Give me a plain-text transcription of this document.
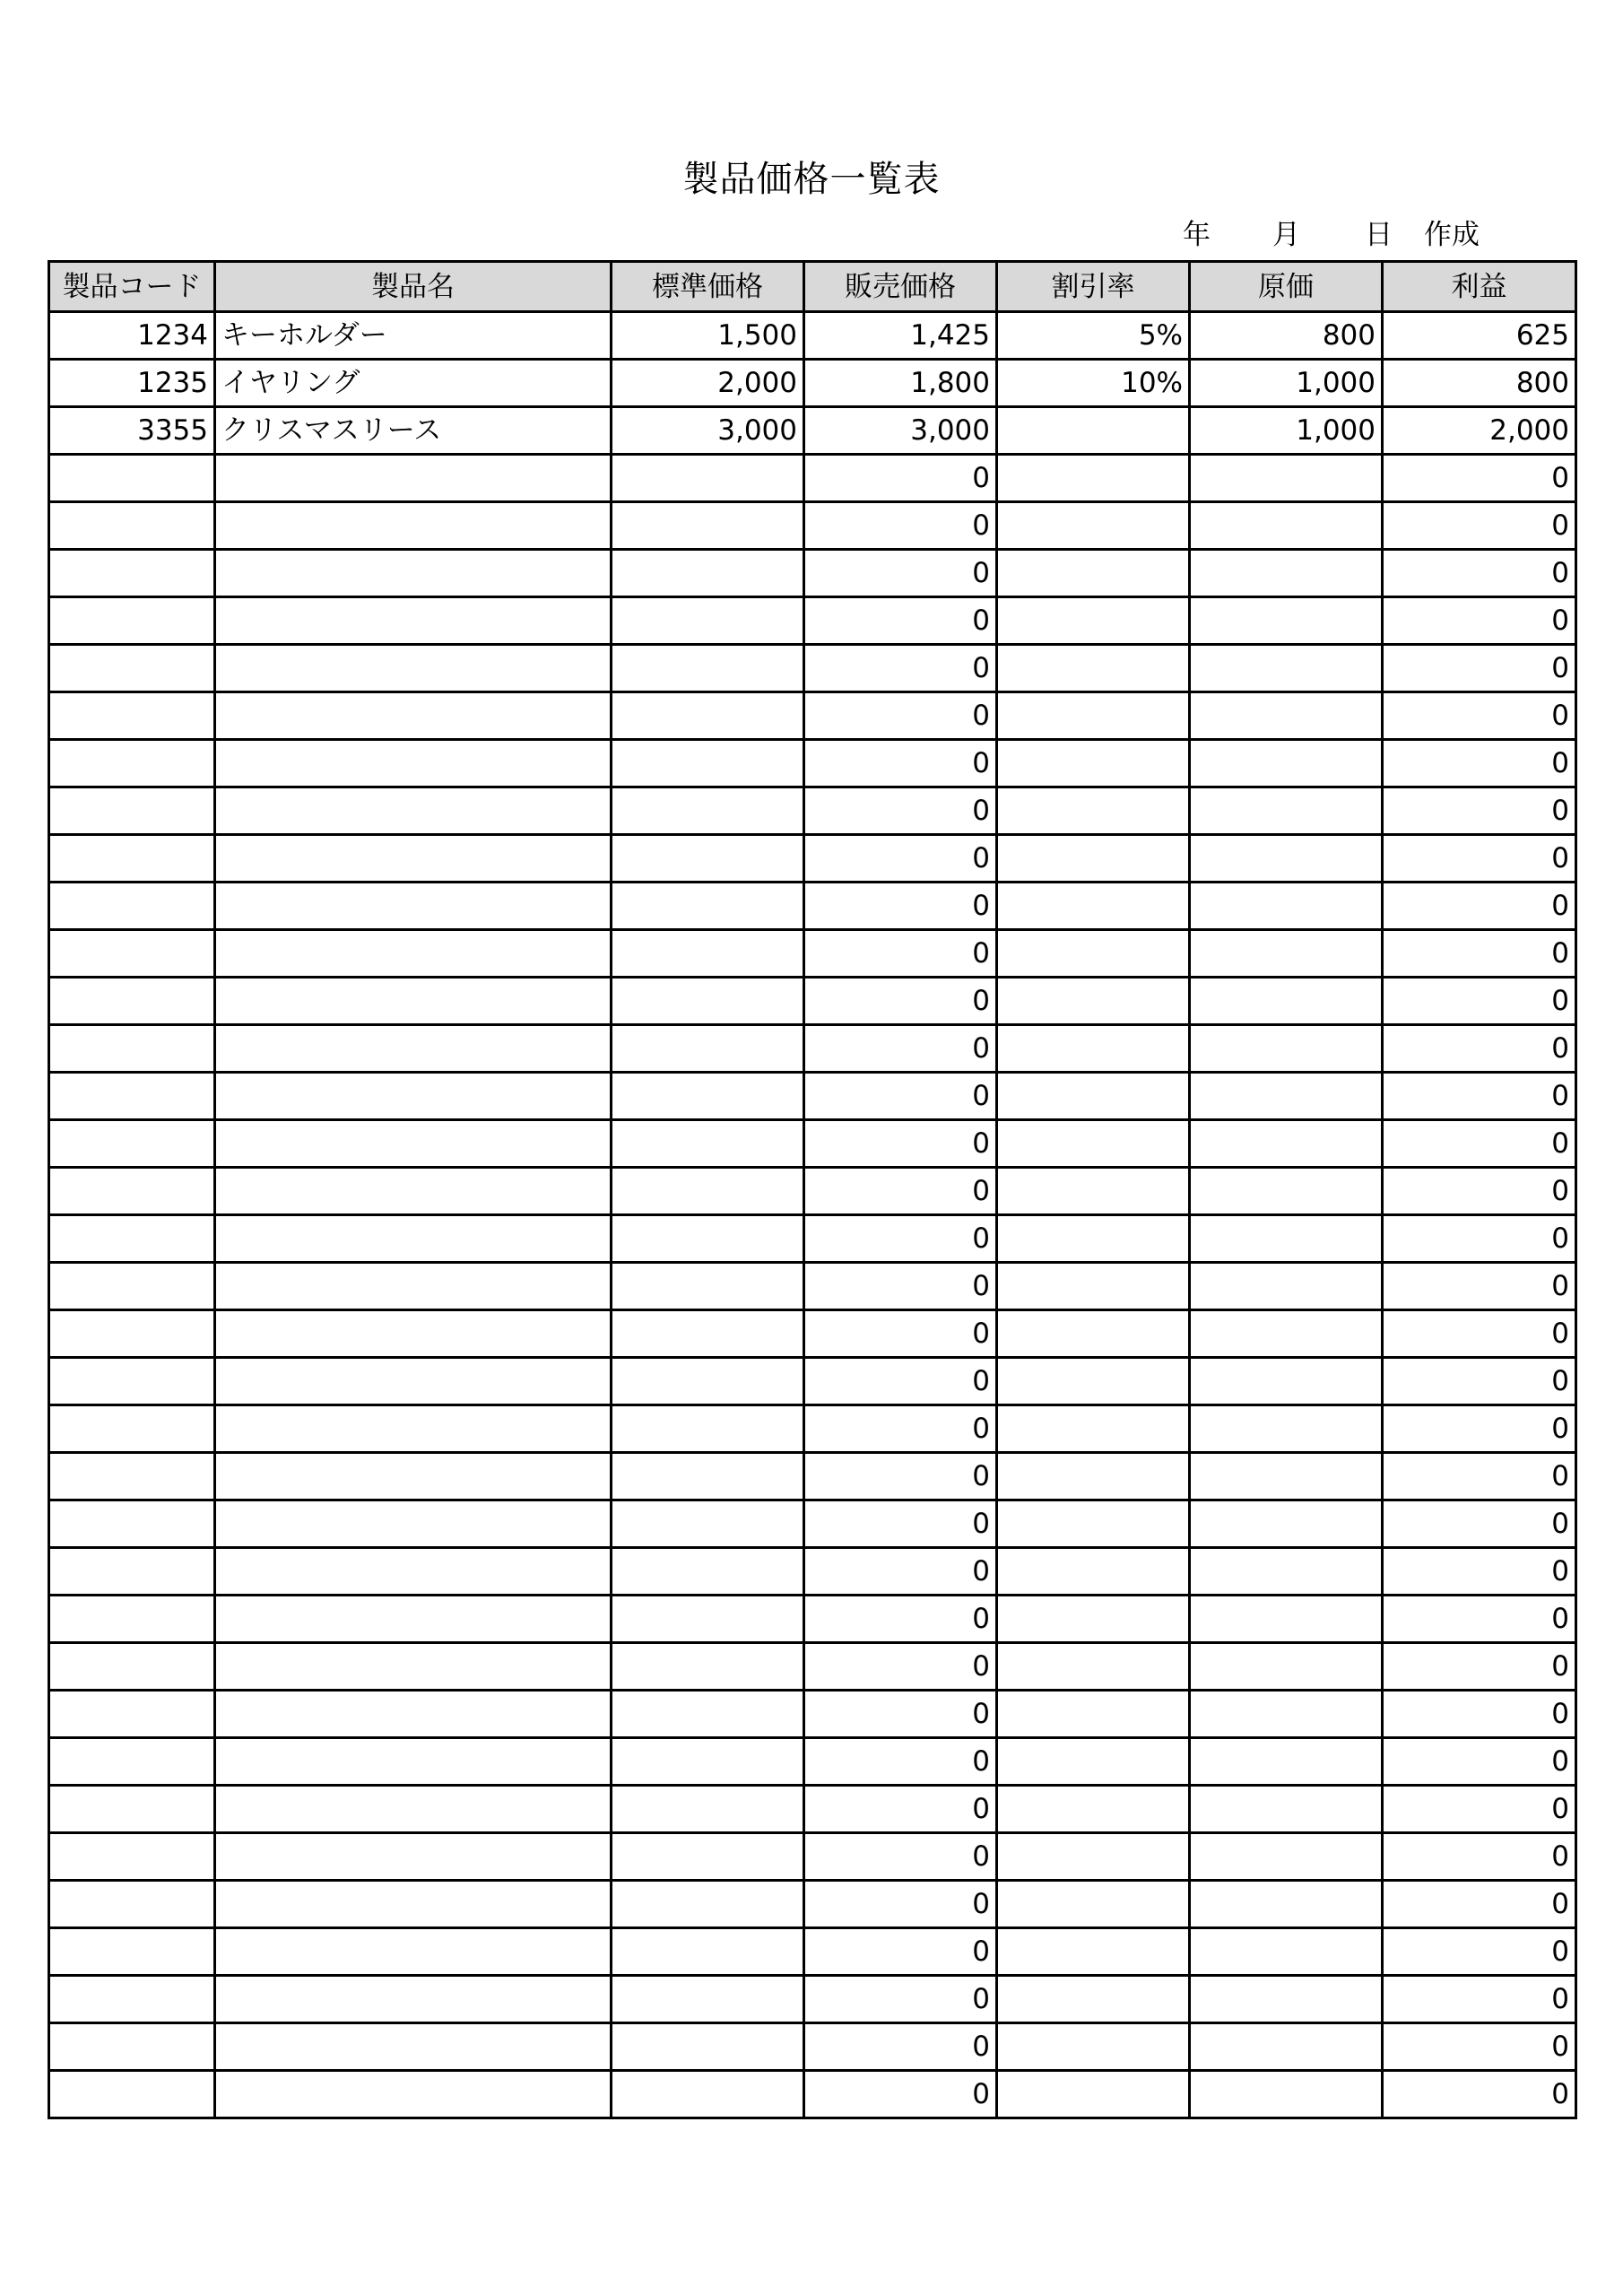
製品価格一覧表
年 月 日 作成
製品コード	製品名	標準価格	販売価格	割引率	原価	利益
1234	キーホルダー	1,500	1,425	5%	800	625
1235	イヤリング	2,000	1,800	10%	1,000	800
3355	クリスマスリース	3,000	3,000		1,000	2,000
			0			0
			0			0
			0			0
			0			0
			0			0
			0			0
			0			0
			0			0
			0			0
			0			0
			0			0
			0			0
			0			0
			0			0
			0			0
			0			0
			0			0
			0			0
			0			0
			0			0
			0			0
			0			0
			0			0
			0			0
			0			0
			0			0
			0			0
			0			0
			0			0
			0			0
			0			0
			0			0
			0			0
			0			0
			0			0
